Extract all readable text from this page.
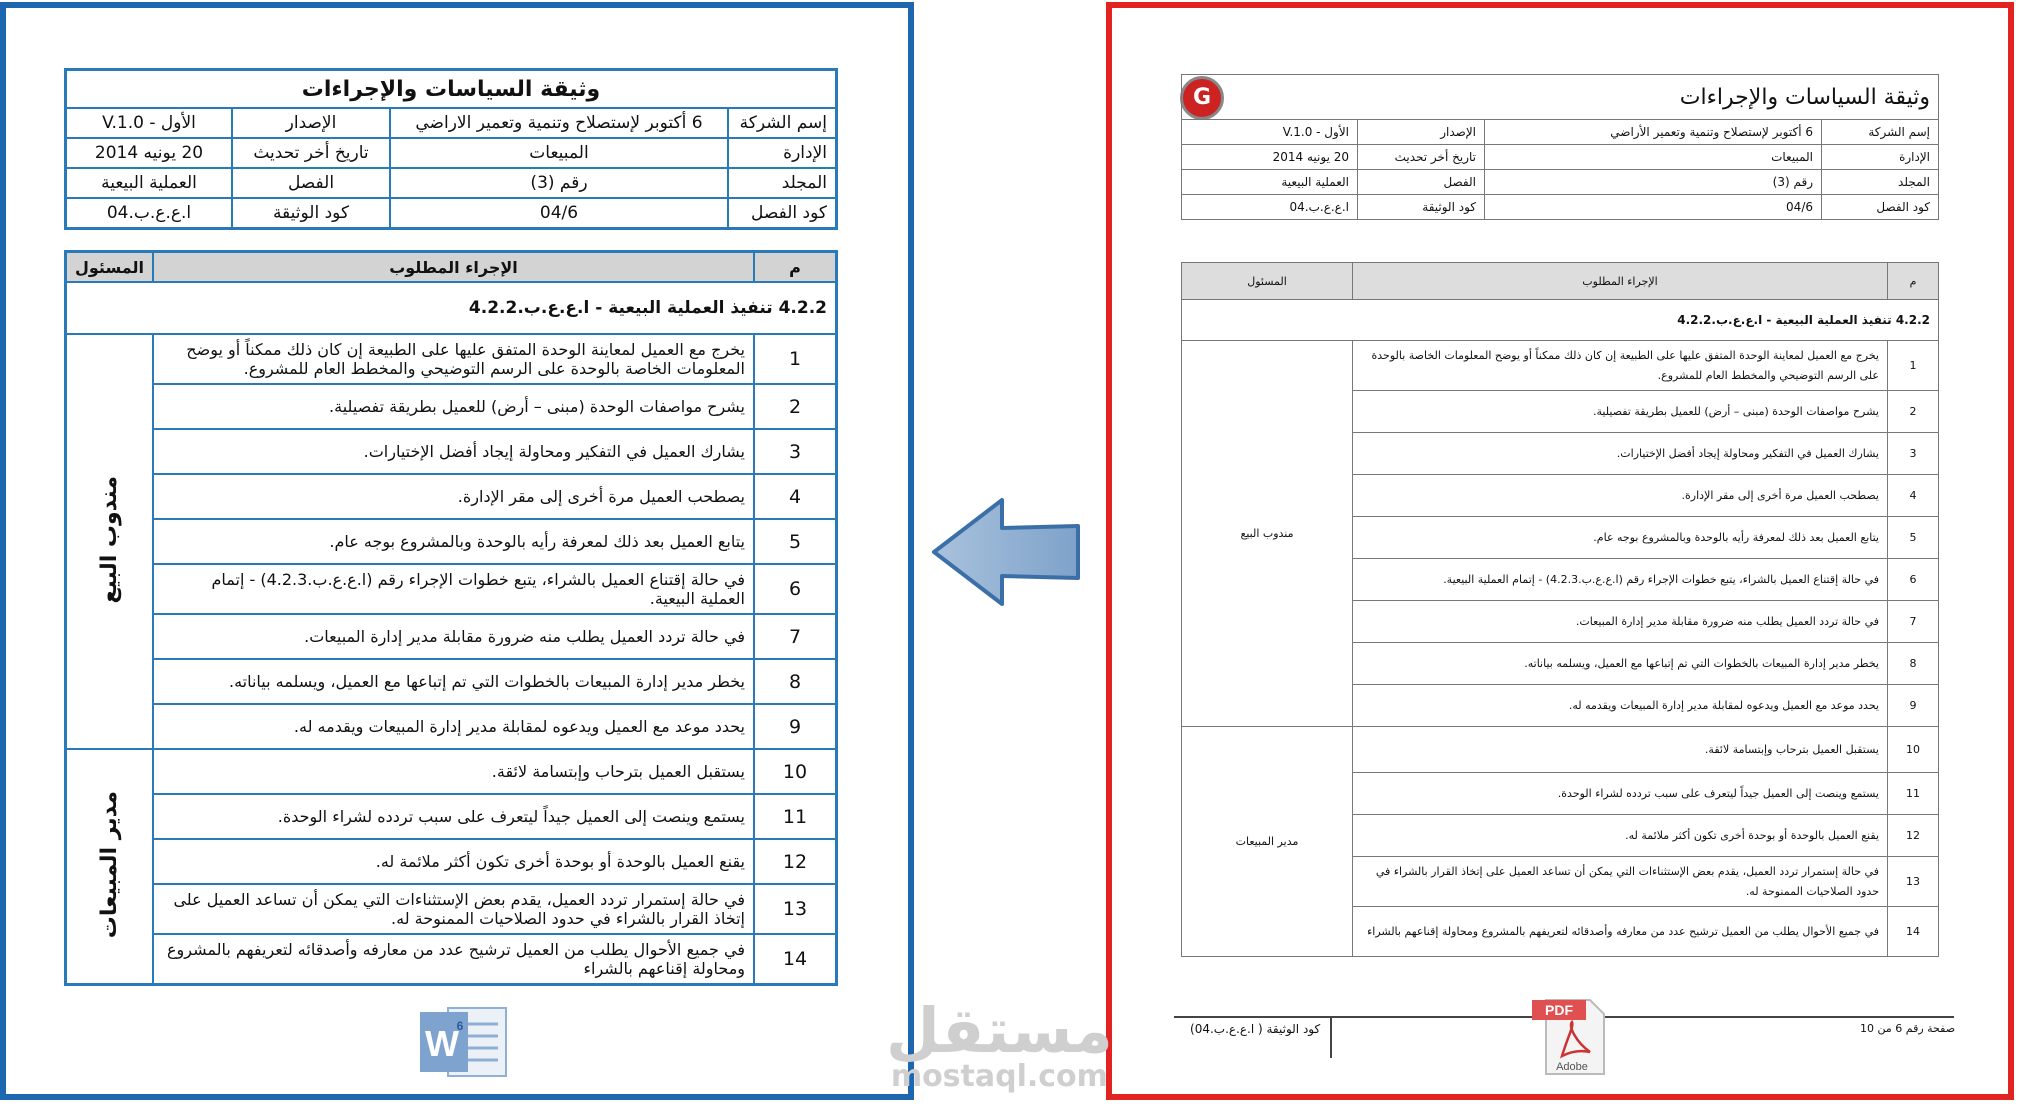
وثيقة السياسات والإجراءات			
إسم الشركة	6 أكتوبر لإستصلاح وتنمية وتعمير الاراضي	الإصدار	الأول - V.1.0
الإدارة	المبيعات	تاريخ أخر تحديث	20 يونيه 2014
المجلد	رقم (3)	الفصل	العملية البيعية
كود الفصل	04/6	كود الوثيقة	ا.ع.ع.ب.04
م	الإجراء المطلوب	المسئول
4.2.2 تنفيذ العملية البيعية - ا.ع.ع.ب.4.2.2		
1	يخرج مع العميل لمعاينة الوحدة المتفق عليها على الطبيعة إن كان ذلك ممكناً أو يوضح المعلومات الخاصة بالوحدة على الرسم التوضيحي والمخطط العام للمشروع.	مندوب البيع
2	يشرح مواصفات الوحدة (مبنى – أرض) للعميل بطريقة تفصيلية.	
3	يشارك العميل في التفكير ومحاولة إيجاد أفضل الإختيارات.	
4	يصطحب العميل مرة أخرى إلى مقر الإدارة.	
5	يتابع العميل بعد ذلك لمعرفة رأيه بالوحدة وبالمشروع بوجه عام.	
6	في حالة إقتناع العميل بالشراء، يتبع خطوات الإجراء رقم (ا.ع.ع.ب.4.2.3) - إتمام العملية البيعية.	
7	في حالة تردد العميل يطلب منه ضرورة مقابلة مدير إدارة المبيعات.	
8	يخطر مدير إدارة المبيعات بالخطوات التي تم إتباعها مع العميل، ويسلمه بياناته.	
9	يحدد موعد مع العميل ويدعوه لمقابلة مدير إدارة المبيعات ويقدمه له.	
10	يستقبل العميل بترحاب وإبتسامة لائقة.	مدير المبيعات
11	يستمع وينصت إلى العميل جيداً ليتعرف على سبب تردده لشراء الوحدة.	
12	يقنع العميل بالوحدة أو بوحدة أخرى تكون أكثر ملائمة له.	
13	في حالة إستمرار تردد العميل، يقدم بعض الإستثناءات التي يمكن أن تساعد العميل على إتخاذ القرار بالشراء في حدود الصلاحيات الممنوحة له.	
14	في جميع الأحوال يطلب من العميل ترشيح عدد من معارفه وأصدقائه لتعريفهم بالمشروع ومحاولة إقناعهم بالشراء	
W
6	مستقل
mostaql.com
G	وثيقة السياسات والإجراءات			
إسم الشركة	6 أكتوبر لإستصلاح وتنمية وتعمير الأراضي	الإصدار	الأول - V.1.0
الإدارة	المبيعات	تاريخ أخر تحديث	20 يونيه 2014
المجلد	رقم (3)	الفصل	العملية البيعية
كود الفصل	04/6	كود الوثيقة	ا.ع.ع.ب.04
م	الإجراء المطلوب	المسئول
4.2.2 تنفيذ العملية البيعية - ا.ع.ع.ب.4.2.2		
1	يخرج مع العميل لمعاينة الوحدة المتفق عليها على الطبيعة إن كان ذلك ممكناً أو يوضح المعلومات الخاصة بالوحدة على الرسم التوضيحي والمخطط العام للمشروع.	مندوب البيع
2	يشرح مواصفات الوحدة (مبنى – أرض) للعميل بطريقة تفصيلية.	
3	يشارك العميل في التفكير ومحاولة إيجاد أفضل الإختيارات.	
4	يصطحب العميل مرة أخرى إلى مقر الإدارة.	
5	يتابع العميل بعد ذلك لمعرفة رأيه بالوحدة وبالمشروع بوجه عام.	
6	في حالة إقتناع العميل بالشراء، يتبع خطوات الإجراء رقم (ا.ع.ع.ب.4.2.3) - إتمام العملية البيعية.	
7	في حالة تردد العميل يطلب منه ضرورة مقابلة مدير إدارة المبيعات.	
8	يخطر مدير إدارة المبيعات بالخطوات التي تم إتباعها مع العميل، ويسلمه بياناته.	
9	يحدد موعد مع العميل ويدعوه لمقابلة مدير إدارة المبيعات ويقدمه له.	
10	يستقبل العميل بترحاب وإبتسامة لائقة.	مدير المبيعات
11	يستمع وينصت إلى العميل جيداً ليتعرف على سبب تردده لشراء الوحدة.	
12	يقنع العميل بالوحدة أو بوحدة أخرى تكون أكثر ملائمة له.	
13	في حالة إستمرار تردد العميل، يقدم بعض الإستثناءات التي يمكن أن تساعد العميل على إتخاذ القرار بالشراء في حدود الصلاحيات الممنوحة له.	
14	في جميع الأحوال يطلب من العميل ترشيح عدد من معارفه وأصدقائه لتعريفهم بالمشروع ومحاولة إقناعهم بالشراء	
كود الوثيقة ( ا.ع.ع.ب.04)	صفحة رقم 6 من 10
PDF
Adobe
